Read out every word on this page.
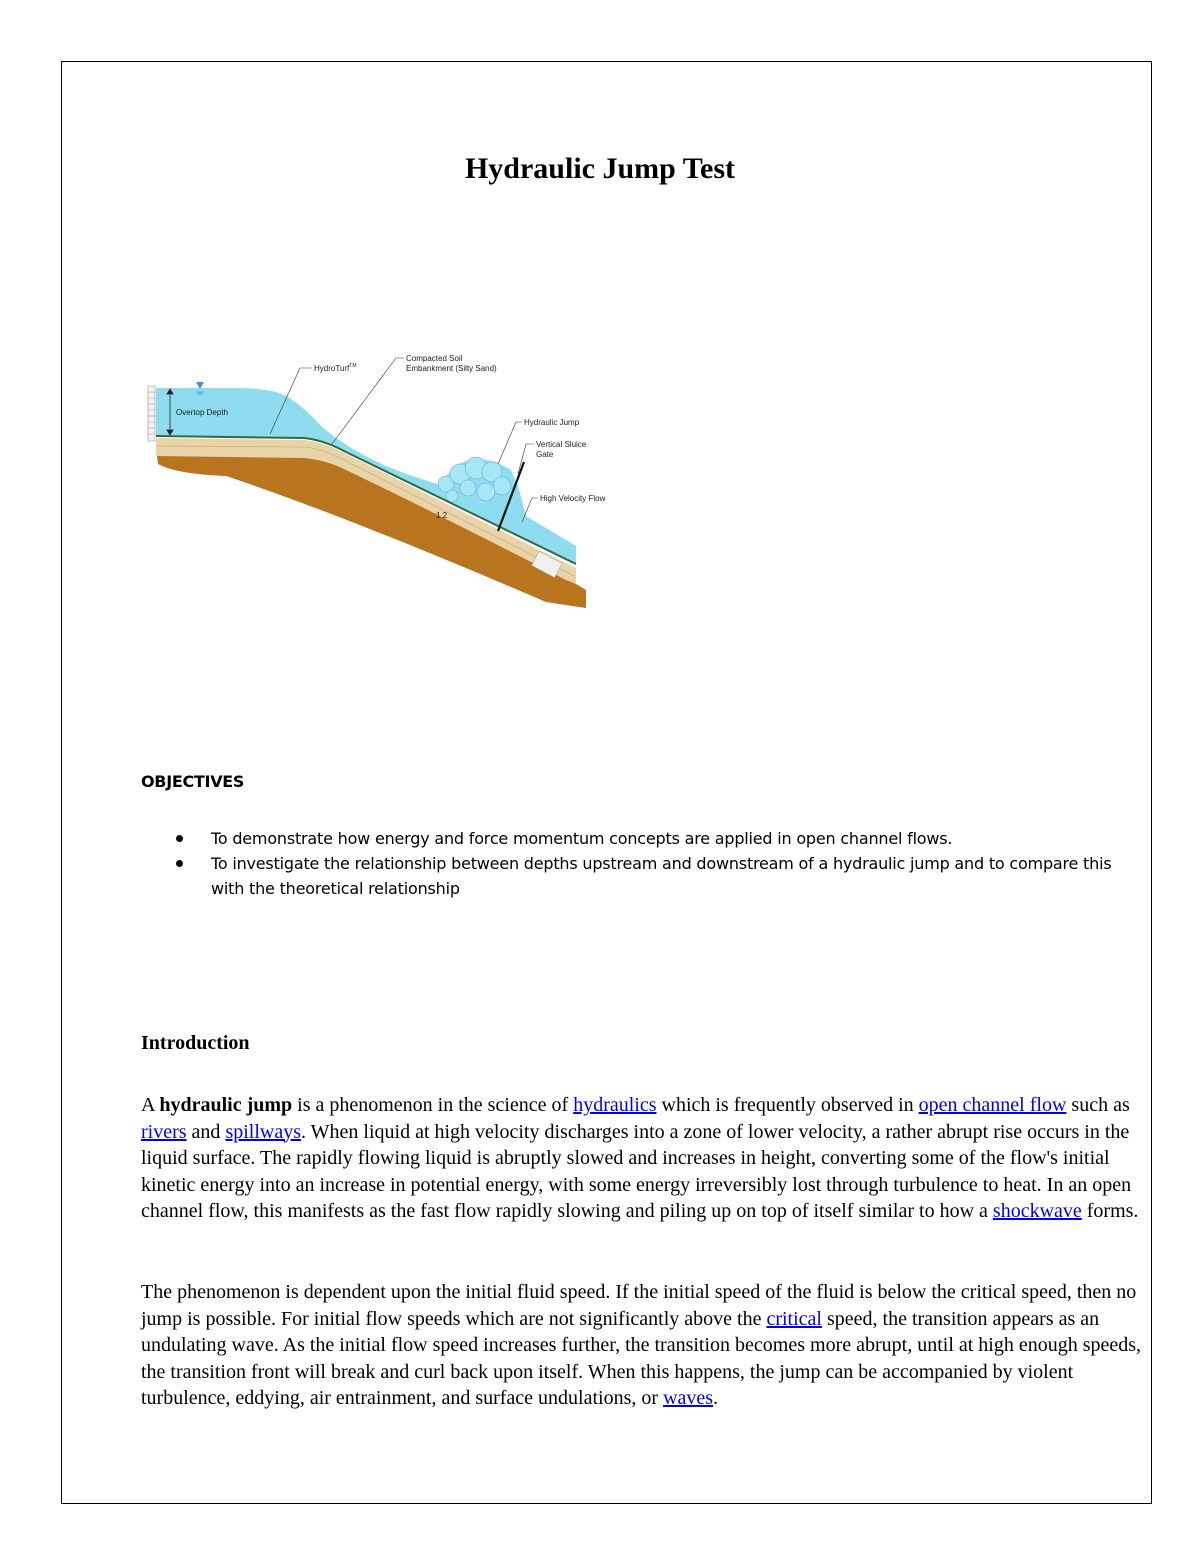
Hydraulic Jump Test
Overtop Depth
HydroTurf™
Compacted Soil
Embankment (Silty Sand)
Hydraulic Jump
Vertical Sluice
Gate
High Velocity Flow
1 2
OBJECTIVES
To demonstrate how energy and force momentum concepts are applied in open channel flows.
To investigate the relationship between depths upstream and downstream of a hydraulic jump and to compare this with the theoretical relationship
Introduction

A hydraulic jump is a phenomenon in the science of hydraulics which is frequently observed in open channel flow such as rivers and spillways. When liquid at high velocity discharges into a zone of lower velocity, a rather abrupt rise occurs in the liquid surface. The rapidly flowing liquid is abruptly slowed and increases in height, converting some of the flow's initial kinetic energy into an increase in potential energy, with some energy irreversibly lost through turbulence to heat. In an open channel flow, this manifests as the fast flow rapidly slowing and piling up on top of itself similar to how a shockwave forms.

The phenomenon is dependent upon the initial fluid speed. If the initial speed of the fluid is below the critical speed, then no jump is possible. For initial flow speeds which are not significantly above the critical speed, the transition appears as an undulating wave. As the initial flow speed increases further, the transition becomes more abrupt, until at high enough speeds, the transition front will break and curl back upon itself. When this happens, the jump can be accompanied by violent turbulence, eddying, air entrainment, and surface undulations, or waves.
